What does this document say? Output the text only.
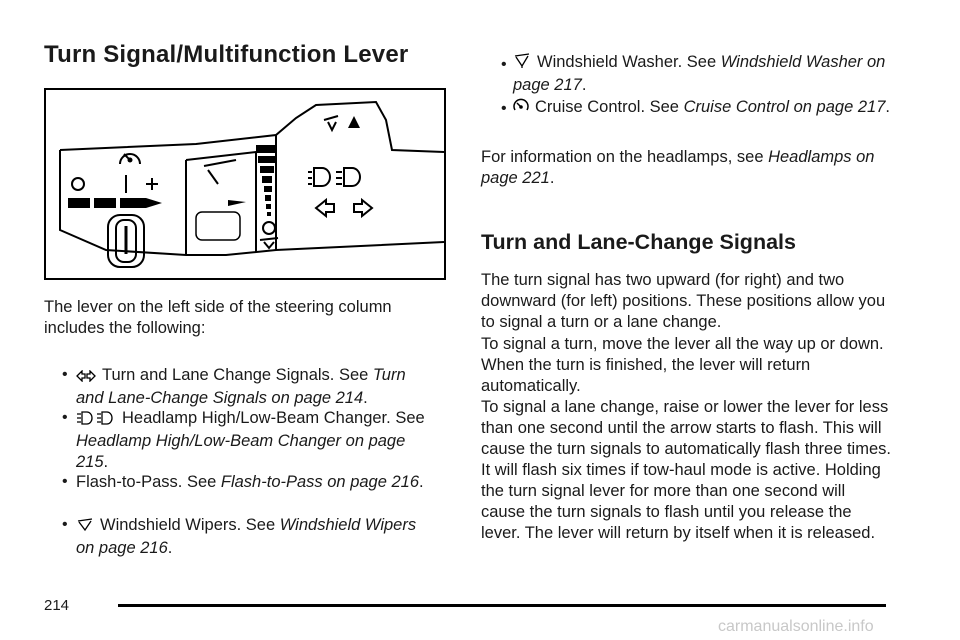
Turn Signal/Multifunction Lever

The lever on the left side of the steering column includes the following:

•	Turn and Lane Change Signals. See Turn and Lane-Change Signals on page 214.

•	Headlamp High/Low-Beam Changer. See Headlamp High/Low-Beam Changer on page 215.

• Flash-to-Pass. See Flash-to-Pass on page 216.

•	Windshield Wipers. See Windshield Wipers on page 216.

•	Windshield Washer. See Windshield Washer on page 217.

•	Cruise Control. See Cruise Control on page 217.

For information on the headlamps, see Headlamps on page 221.

Turn and Lane-Change Signals

The turn signal has two upward (for right) and two downward (for left) positions. These positions allow you to signal a turn or a lane change.

To signal a turn, move the lever all the way up or down. When the turn is finished, the lever will return automatically.

To signal a lane change, raise or lower the lever for less than one second until the arrow starts to flash. This will cause the turn signals to automatically flash three times. It will flash six times if tow-haul mode is active. Holding the turn signal lever for more than one second will cause the turn signals to flash until you release the lever. The lever will return by itself when it is released.

214
carmanualsonline.info
